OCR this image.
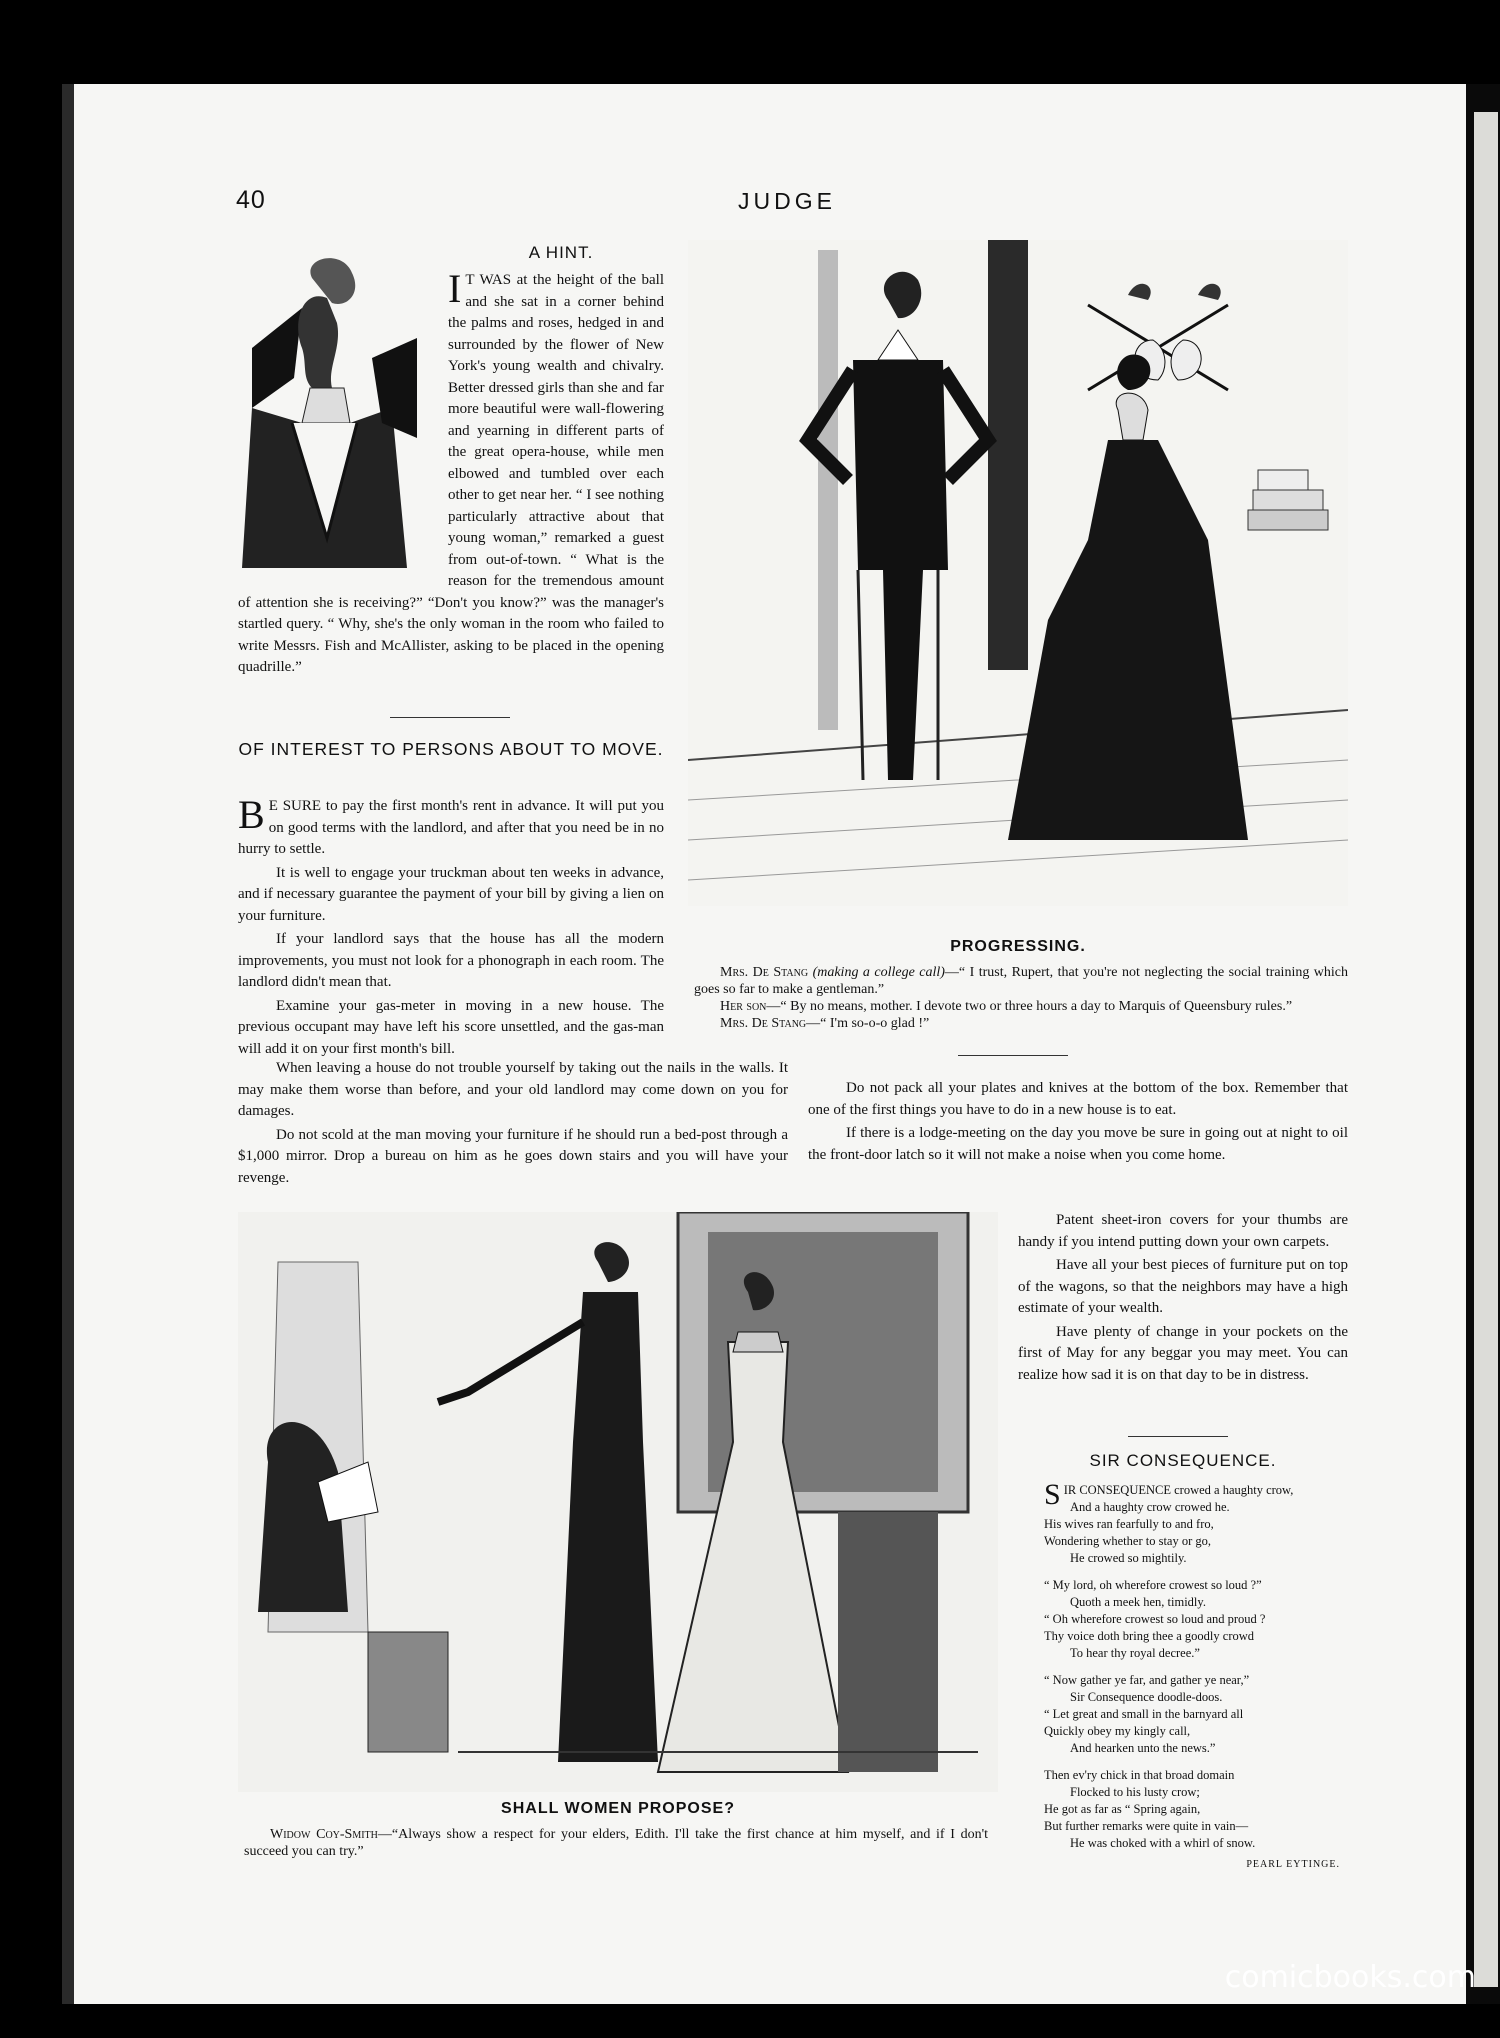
40	JUDGE
A HINT.

I T WAS at the height of the ball and she sat in a corner behind the palms and roses, hedged in and surrounded by the flower of New York's young wealth and chivalry. Better dressed girls than she and far more beautiful were wall-flowering and yearning in different parts of the great opera-house, while men elbowed and tumbled over each other to get near her. “ I see nothing particularly attractive about that young woman,” remarked a guest from out-of-town. “ What is the reason for the tremendous amount of attention she is receiving?” “Don't you know?” was the manager's startled query. “ Why, she's the only woman in the room who failed to write Messrs. Fish and McAllister, asking to be placed in the opening quadrille.”

OF INTEREST TO PERSONS ABOUT TO MOVE.

B E SURE to pay the first month's rent in advance. It will put you on good terms with the landlord, and after that you need be in no hurry to settle.

It is well to engage your truckman about ten weeks in advance, and if necessary guarantee the payment of your bill by giving a lien on your furniture.

If your landlord says that the house has all the modern improvements, you must not look for a phonograph in each room. The landlord didn't mean that.

Examine your gas-meter in moving in a new house. The previous occupant may have left his score unsettled, and the gas-man will add it on your first month's bill.

When leaving a house do not trouble yourself by taking out the nails in the walls. It may make them worse than before, and your old landlord may come down on you for damages.

Do not scold at the man moving your furniture if he should run a bed-post through a $1,000 mirror. Drop a bureau on him as he goes down stairs and you will have your revenge.

Do not pack all your plates and knives at the bottom of the box. Remember that one of the first things you have to do in a new house is to eat.

If there is a lodge-meeting on the day you move be sure in going out at night to oil the front-door latch so it will not make a noise when you come home.

Patent sheet-iron covers for your thumbs are handy if you intend putting down your own carpets.

Have all your best pieces of furniture put on top of the wagons, so that the neighbors may have a high estimate of your wealth.

Have plenty of change in your pockets on the first of May for any beggar you may meet. You can realize how sad it is on that day to be in distress.

PROGRESSING.

Mrs. De Stang (making a college call)—“ I trust, Rupert, that you're not neglecting the social training which goes so far to make a gentleman.”

Her son—“ By no means, mother. I devote two or three hours a day to Marquis of Queensbury rules.”

Mrs. De Stang—“ I'm so-o-o glad !”

SHALL WOMEN PROPOSE?

Widow Coy-Smith—“Always show a respect for your elders, Edith. I'll take the first chance at him myself, and if I don't succeed you can try.”

SIR CONSEQUENCE.
SIR CONSEQUENCE crowed a haughty crow,
And a haughty crow crowed he.
His wives ran fearfully to and fro,
Wondering whether to stay or go,
He crowed so mightily.
“ My lord, oh wherefore crowest so loud ?”
Quoth a meek hen, timidly.
“ Oh wherefore crowest so loud and proud ?
Thy voice doth bring thee a goodly crowd
To hear thy royal decree.”
“ Now gather ye far, and gather ye near,”
Sir Consequence doodle-doos.
“ Let great and small in the barnyard all
Quickly obey my kingly call,
And hearken unto the news.”
Then ev'ry chick in that broad domain
Flocked to his lusty crow;
He got as far as “ Spring again,
But further remarks were quite in vain—
He was choked with a whirl of snow.
PEARL EYTINGE.
comicbooks.com
